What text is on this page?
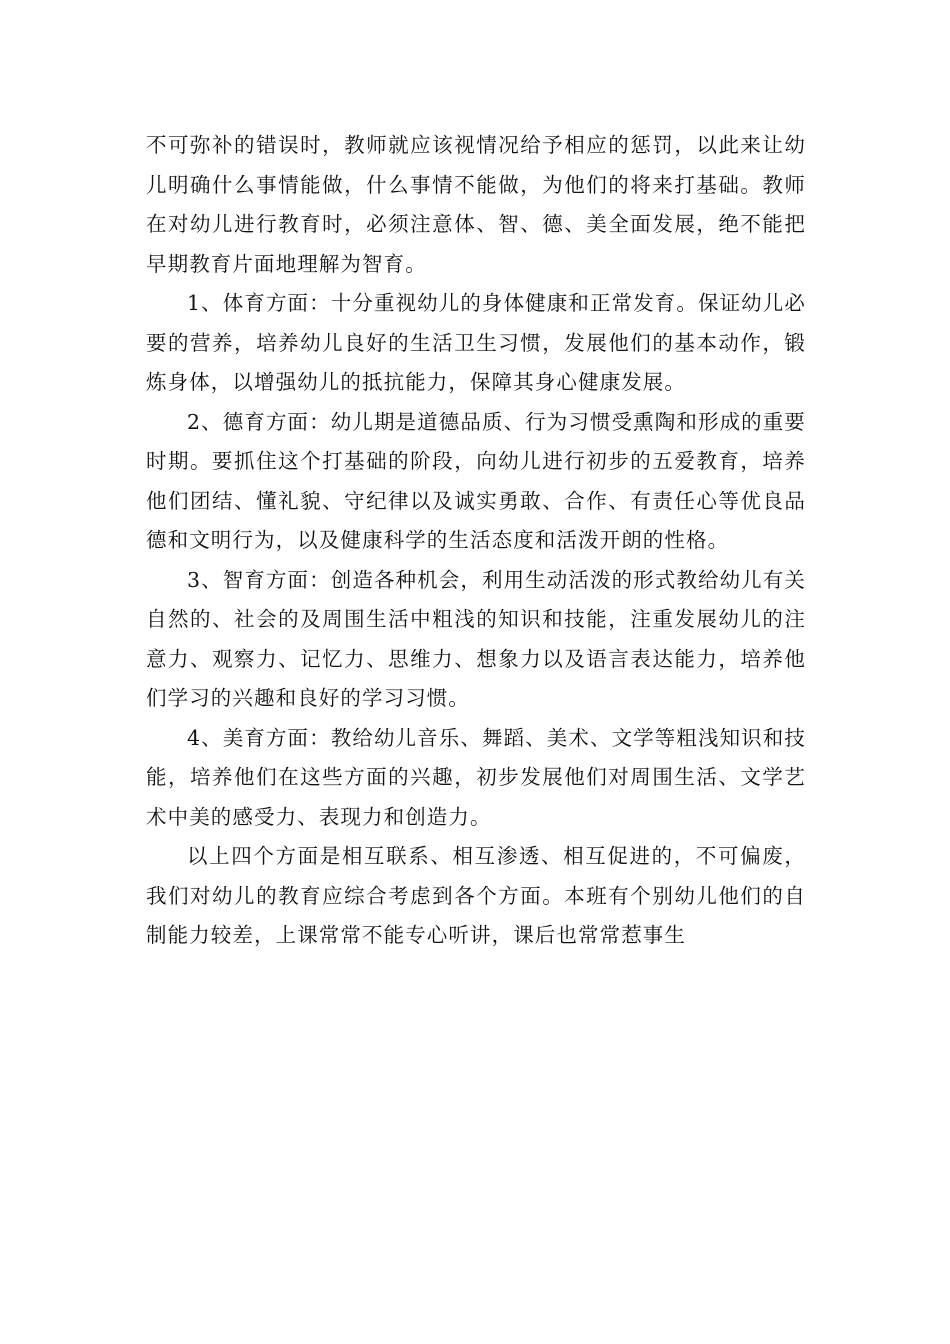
不可弥补的错误时，教师就应该视情况给予相应的惩罚，以此来让幼儿明确什么事情能做，什么事情不能做，为他们的将来打基础。教师在对幼儿进行教育时，必须注意体、智、德、美全面发展，绝不能把早期教育片面地理解为智育。

1、体育方面：十分重视幼儿的身体健康和正常发育。保证幼儿必要的营养，培养幼儿良好的生活卫生习惯，发展他们的基本动作，锻炼身体，以增强幼儿的抵抗能力，保障其身心健康发展。

2、德育方面：幼儿期是道德品质、行为习惯受熏陶和形成的重要时期。要抓住这个打基础的阶段，向幼儿进行初步的五爱教育，培养他们团结、懂礼貌、守纪律以及诚实勇敢、合作、有责任心等优良品德和文明行为，以及健康科学的生活态度和活泼开朗的性格。

3、智育方面：创造各种机会，利用生动活泼的形式教给幼儿有关自然的、社会的及周围生活中粗浅的知识和技能，注重发展幼儿的注意力、观察力、记忆力、思维力、想象力以及语言表达能力，培养他们学习的兴趣和良好的学习习惯。

4、美育方面：教给幼儿音乐、舞蹈、美术、文学等粗浅知识和技能，培养他们在这些方面的兴趣，初步发展他们对周围生活、文学艺术中美的感受力、表现力和创造力。

以上四个方面是相互联系、相互渗透、相互促进的，不可偏废，我们对幼儿的教育应综合考虑到各个方面。本班有个别幼儿他们的自制能力较差，上课常常不能专心听讲，课后也常常惹事生
